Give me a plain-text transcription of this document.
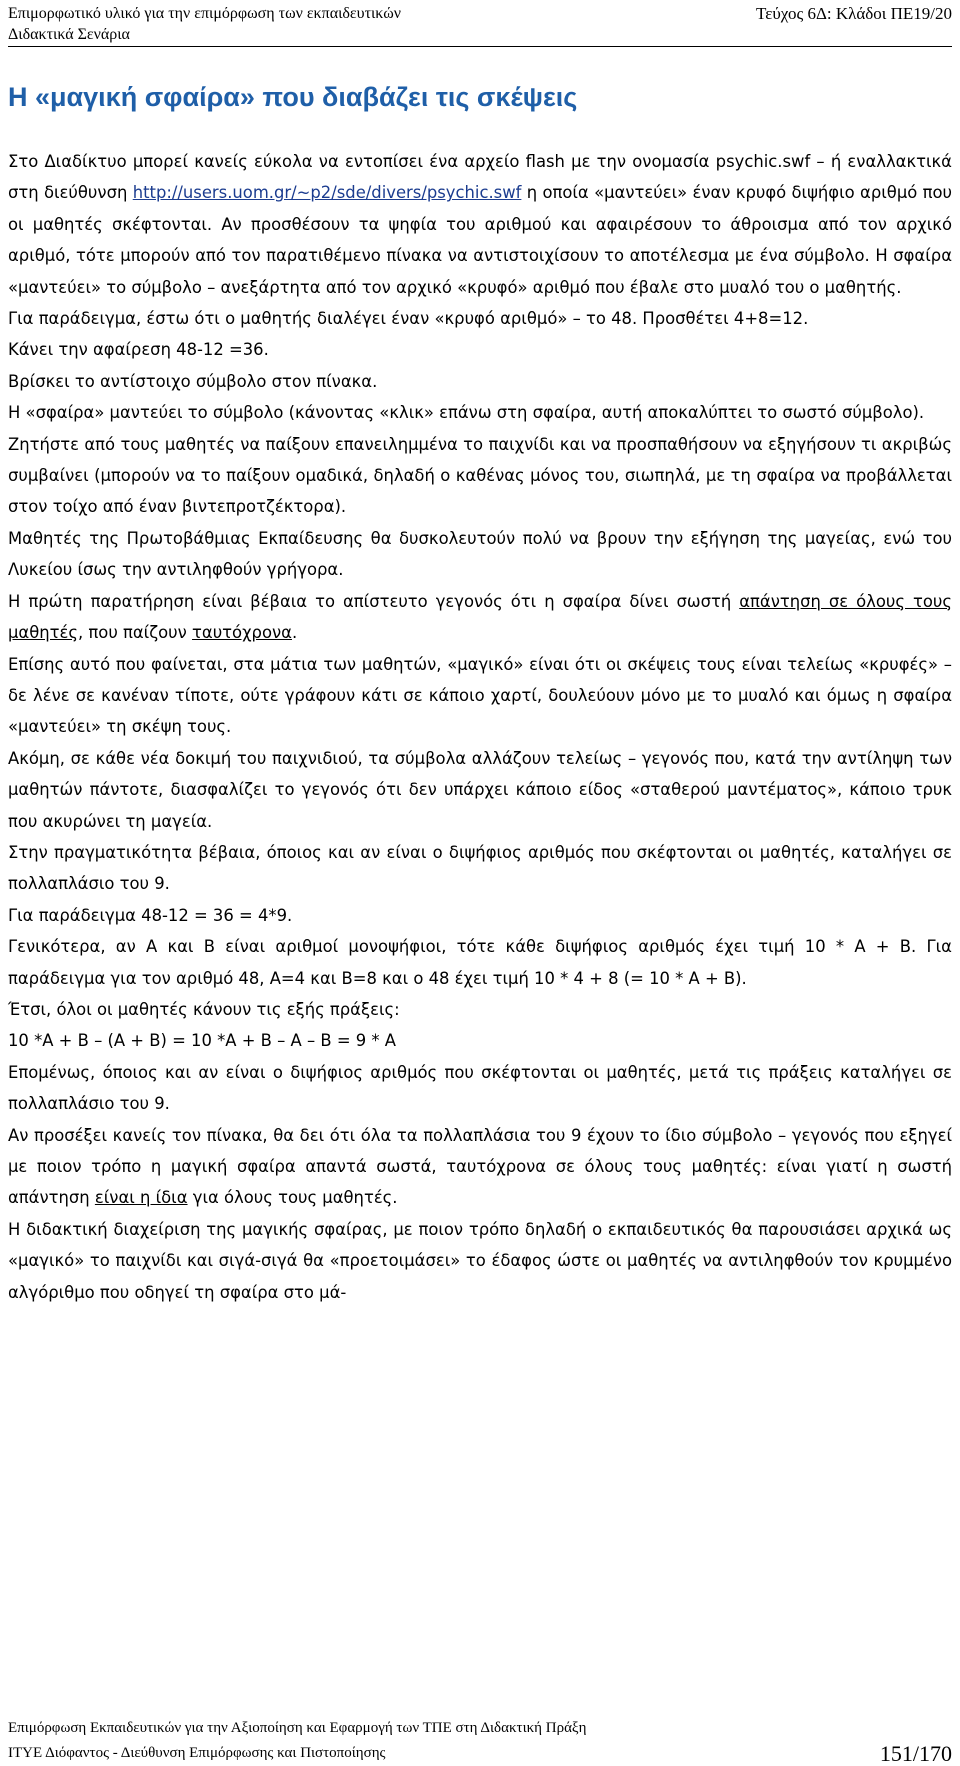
Επιμορφωτικό υλικό για την επιμόρφωση των εκπαιδευτικών	Τεύχος 6Δ: Κλάδοι ΠΕ19/20
Διδακτικά Σενάρια
Η «μαγική σφαίρα» που διαβάζει τις σκέψεις

Στο Διαδίκτυο μπορεί κανείς εύκολα να εντοπίσει ένα αρχείο flash με την ονομασία psychic.swf – ή εναλλακτικά στη διεύθυνση http://users.uom.gr/~p2/sde/divers/psychic.swf η οποία «μαντεύει» έναν κρυφό διψήφιο αριθμό που οι μαθητές σκέφτονται. Αν προσθέσουν τα ψηφία του αριθμού και αφαιρέσουν το άθροισμα από τον αρχικό αριθμό, τότε μπορούν από τον παρατιθέμενο πίνακα να αντιστοιχίσουν το αποτέλεσμα με ένα σύμβολο. Η σφαίρα «μαντεύει» το σύμβολο – ανεξάρτητα από τον αρχικό «κρυφό» αριθμό που έβαλε στο μυαλό του ο μαθητής.

Για παράδειγμα, έστω ότι ο μαθητής διαλέγει έναν «κρυφό αριθμό» – το 48. Προσθέτει 4+8=12.

Κάνει την αφαίρεση 48-12 =36.

Βρίσκει το αντίστοιχο σύμβολο στον πίνακα.

Η «σφαίρα» μαντεύει το σύμβολο (κάνοντας «κλικ» επάνω στη σφαίρα, αυτή αποκαλύπτει το σωστό σύμβολο).

Ζητήστε από τους μαθητές να παίξουν επανειλημμένα το παιχνίδι και να προσπαθήσουν να εξηγήσουν τι ακριβώς συμβαίνει (μπορούν να το παίξουν ομαδικά, δηλαδή ο καθένας μόνος του, σιωπηλά, με τη σφαίρα να προβάλλεται στον τοίχο από έναν βιντεπροτζέκτορα).

Μαθητές της Πρωτοβάθμιας Εκπαίδευσης θα δυσκολευτούν πολύ να βρουν την εξήγηση της μαγείας, ενώ του Λυκείου ίσως την αντιληφθούν γρήγορα.

Η πρώτη παρατήρηση είναι βέβαια το απίστευτο γεγονός ότι η σφαίρα δίνει σωστή απάντηση σε όλους τους μαθητές, που παίζουν ταυτόχρονα.

Επίσης αυτό που φαίνεται, στα μάτια των μαθητών, «μαγικό» είναι ότι οι σκέψεις τους είναι τελείως «κρυφές» – δε λένε σε κανέναν τίποτε, ούτε γράφουν κάτι σε κάποιο χαρτί, δουλεύουν μόνο με το μυαλό και όμως η σφαίρα «μαντεύει» τη σκέψη τους.

Ακόμη, σε κάθε νέα δοκιμή του παιχνιδιού, τα σύμβολα αλλάζουν τελείως – γεγονός που, κατά την αντίληψη των μαθητών πάντοτε, διασφαλίζει το γεγονός ότι δεν υπάρχει κάποιο είδος «σταθερού μαντέματος», κάποιο τρυκ που ακυρώνει τη μαγεία.

Στην πραγματικότητα βέβαια, όποιος και αν είναι ο διψήφιος αριθμός που σκέφτονται οι μαθητές, καταλήγει σε πολλαπλάσιο του 9.

Για παράδειγμα 48-12 = 36 = 4*9.

Γενικότερα, αν Α και Β είναι αριθμοί μονοψήφιοι, τότε κάθε διψήφιος αριθμός έχει τιμή 10 * Α + Β. Για παράδειγμα για τον αριθμό 48, Α=4 και Β=8 και ο 48 έχει τιμή 10 * 4 + 8 (= 10 * Α + Β).

Έτσι, όλοι οι μαθητές κάνουν τις εξής πράξεις:

10 *Α + Β – (Α + Β) = 10 *Α + Β – Α – Β = 9 * Α

Επομένως, όποιος και αν είναι ο διψήφιος αριθμός που σκέφτονται οι μαθητές, μετά τις πράξεις καταλήγει σε πολλαπλάσιο του 9.

Αν προσέξει κανείς τον πίνακα, θα δει ότι όλα τα πολλαπλάσια του 9 έχουν το ίδιο σύμβολο – γεγονός που εξηγεί με ποιον τρόπο η μαγική σφαίρα απαντά σωστά, ταυτόχρονα σε όλους τους μαθητές: είναι γιατί η σωστή απάντηση είναι η ίδια για όλους τους μαθητές.

Η διδακτική διαχείριση της μαγικής σφαίρας, με ποιον τρόπο δηλαδή ο εκπαιδευτικός θα παρουσιάσει αρχικά ως «μαγικό» το παιχνίδι και σιγά-σιγά θα «προετοιμάσει» το έδαφος ώστε οι μαθητές να αντιληφθούν τον κρυμμένο αλγόριθμο που οδηγεί τη σφαίρα στο μά-

Επιμόρφωση Εκπαιδευτικών για την Αξιοποίηση και Εφαρμογή των ΤΠΕ στη Διδακτική Πράξη
ΙΤΥΕ Διόφαντος - Διεύθυνση Επιμόρφωσης και Πιστοποίησης	151/170
